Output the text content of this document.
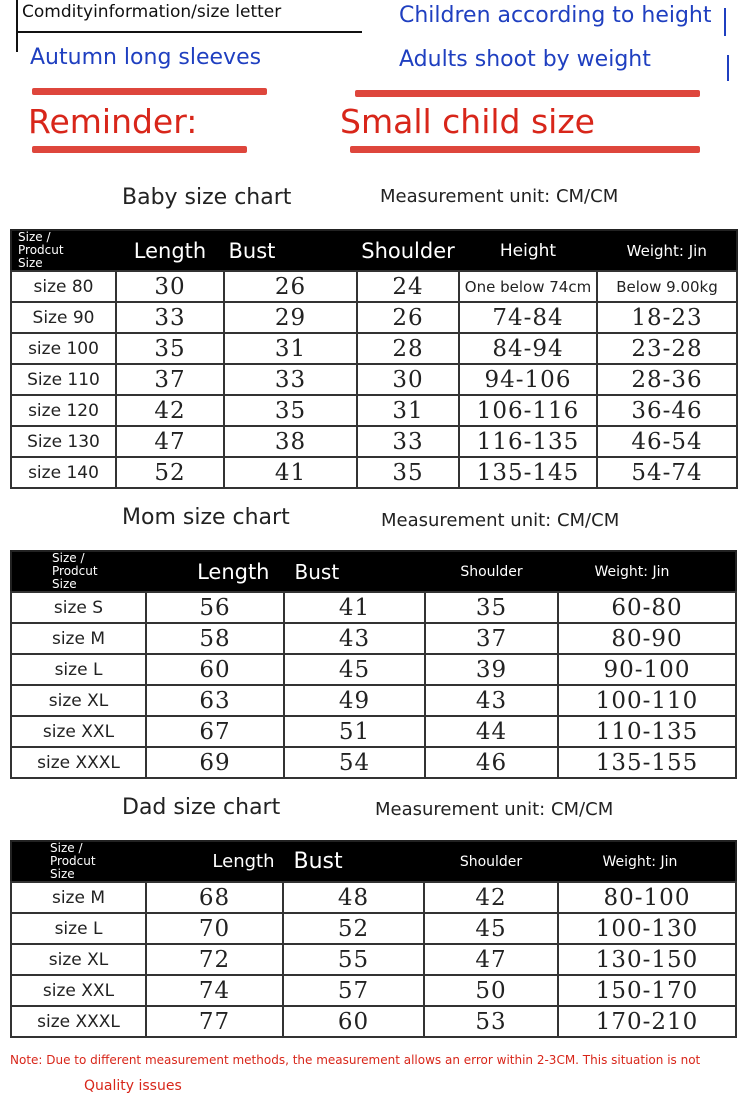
Comdityinformation/size letter
Autumn long sleeves
Children according to height
Adults shoot by weight
Reminder:	Small child size
Baby size chart	Measurement unit: CM/CM
Size /
Prodcut
Size	Length	Bust	Shoulder	Height	Weight: Jin
size 80	30	26	24	One below 74cm	Below 9.00kg
Size 90	33	29	26	74-84	18-23
size 100	35	31	28	84-94	23-28
Size 110	37	33	30	94-106	28-36
size 120	42	35	31	106-116	36-46
Size 130	47	38	33	116-135	46-54
size 140	52	41	35	135-145	54-74
Mom size chart	Measurement unit: CM/CM
Size /
Prodcut
Size	Length	Bust	Shoulder	Weight: Jin
size S	56	41	35	60-80
size M	58	43	37	80-90
size L	60	45	39	90-100
size XL	63	49	43	100-110
size XXL	67	51	44	110-135
size XXXL	69	54	46	135-155
Dad size chart	Measurement unit: CM/CM
Size /
Prodcut
Size	Length	Bust	Shoulder	Weight: Jin
size M	68	48	42	80-100
size L	70	52	45	100-130
size XL	72	55	47	130-150
size XXL	74	57	50	150-170
size XXXL	77	60	53	170-210
Note: Due to different measurement methods, the measurement allows an error within 2-3CM. This situation is not
Quality issues
